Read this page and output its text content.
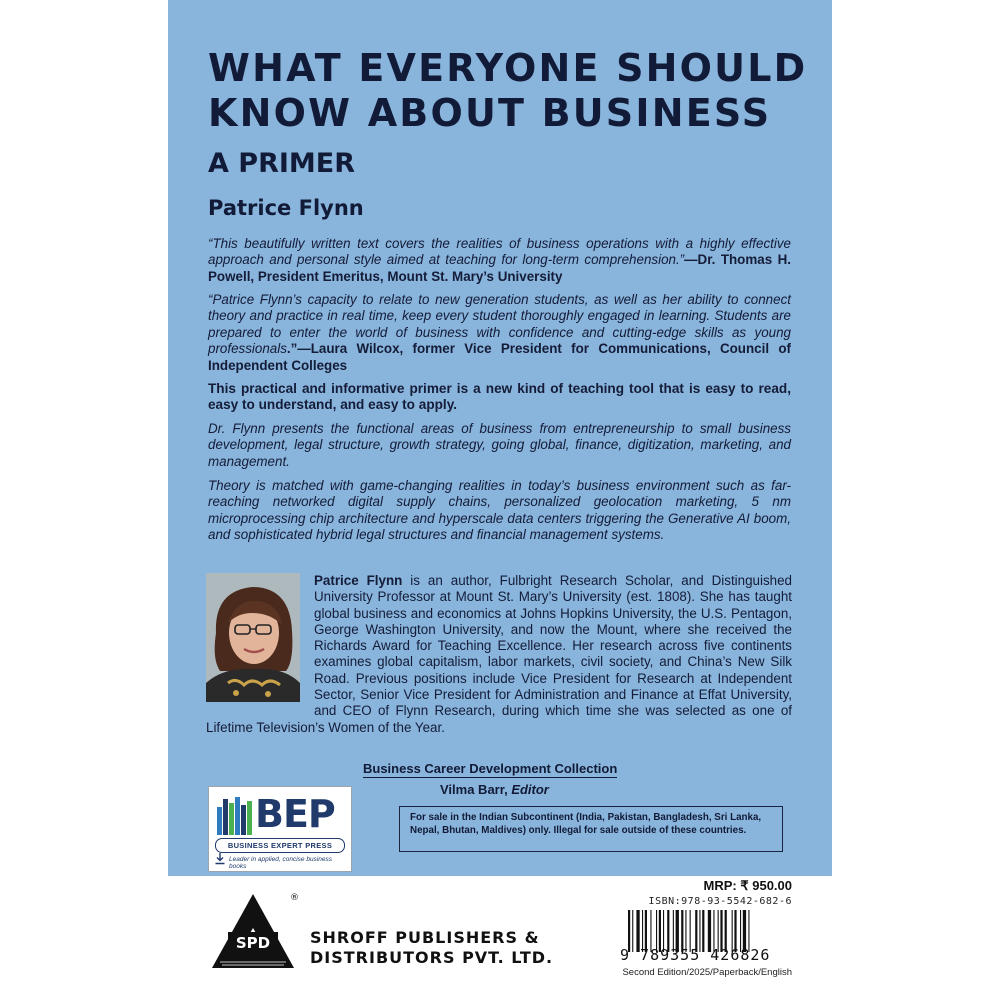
WHAT EVERYONE SHOULD
KNOW ABOUT BUSINESS
A PRIMER
Patrice Flynn
“This beautifully written text covers the realities of business operations with a highly effective approach and personal style aimed at teaching for long-term comprehension.”—Dr. Thomas H. Powell, President Emeritus, Mount St. Mary’s University
“Patrice Flynn’s capacity to relate to new generation students, as well as her ability to connect theory and practice in real time, keep every student thoroughly engaged in learning. Students are prepared to enter the world of business with confidence and cutting-edge skills as young professionals.”—Laura Wilcox, former Vice President for Communications, Council of Independent Colleges
This practical and informative primer is a new kind of teaching tool that is easy to read, easy to understand, and easy to apply.
Dr. Flynn presents the functional areas of business from entrepreneurship to small business development, legal structure, growth strategy, going global, finance, digitization, marketing, and management.
Theory is matched with game-changing realities in today’s business environment such as far-reaching networked digital supply chains, personalized geolocation marketing, 5 nm microprocessing chip architecture and hyperscale data centers triggering the Generative AI boom, and sophisticated hybrid legal structures and financial management systems.
Patrice Flynn is an author, Fulbright Research Scholar, and Distinguished University Professor at Mount St. Mary’s University (est. 1808). She has taught global business and economics at Johns Hopkins University, the U.S. Pentagon, George Washington University, and now the Mount, where she received the Richards Award for Teaching Excellence. Her research across five continents examines global capitalism, labor markets, civil society, and China’s New Silk Road. Previous positions include Vice President for Research at Independent Sector, Senior Vice President for Administration and Finance at Effat University, and CEO of Flynn Research, during which time she was selected as one of Lifetime Television’s Women of the Year.
Business Career Development Collection
Vilma Barr, Editor
BEP
BUSINESS EXPERT PRESS
Leader in applied, concise business books
For sale in the Indian Subcontinent (India, Pakistan, Bangladesh, Sri Lanka, Nepal, Bhutan, Maldives) only. Illegal for sale outside of these countries.
SPD
®
SHROFF PUBLISHERS &
DISTRIBUTORS PVT. LTD.
MRP: ₹ 950.00
ISBN:978-93-5542-682-6
9 789355 426826
Second Edition/2025/Paperback/English
